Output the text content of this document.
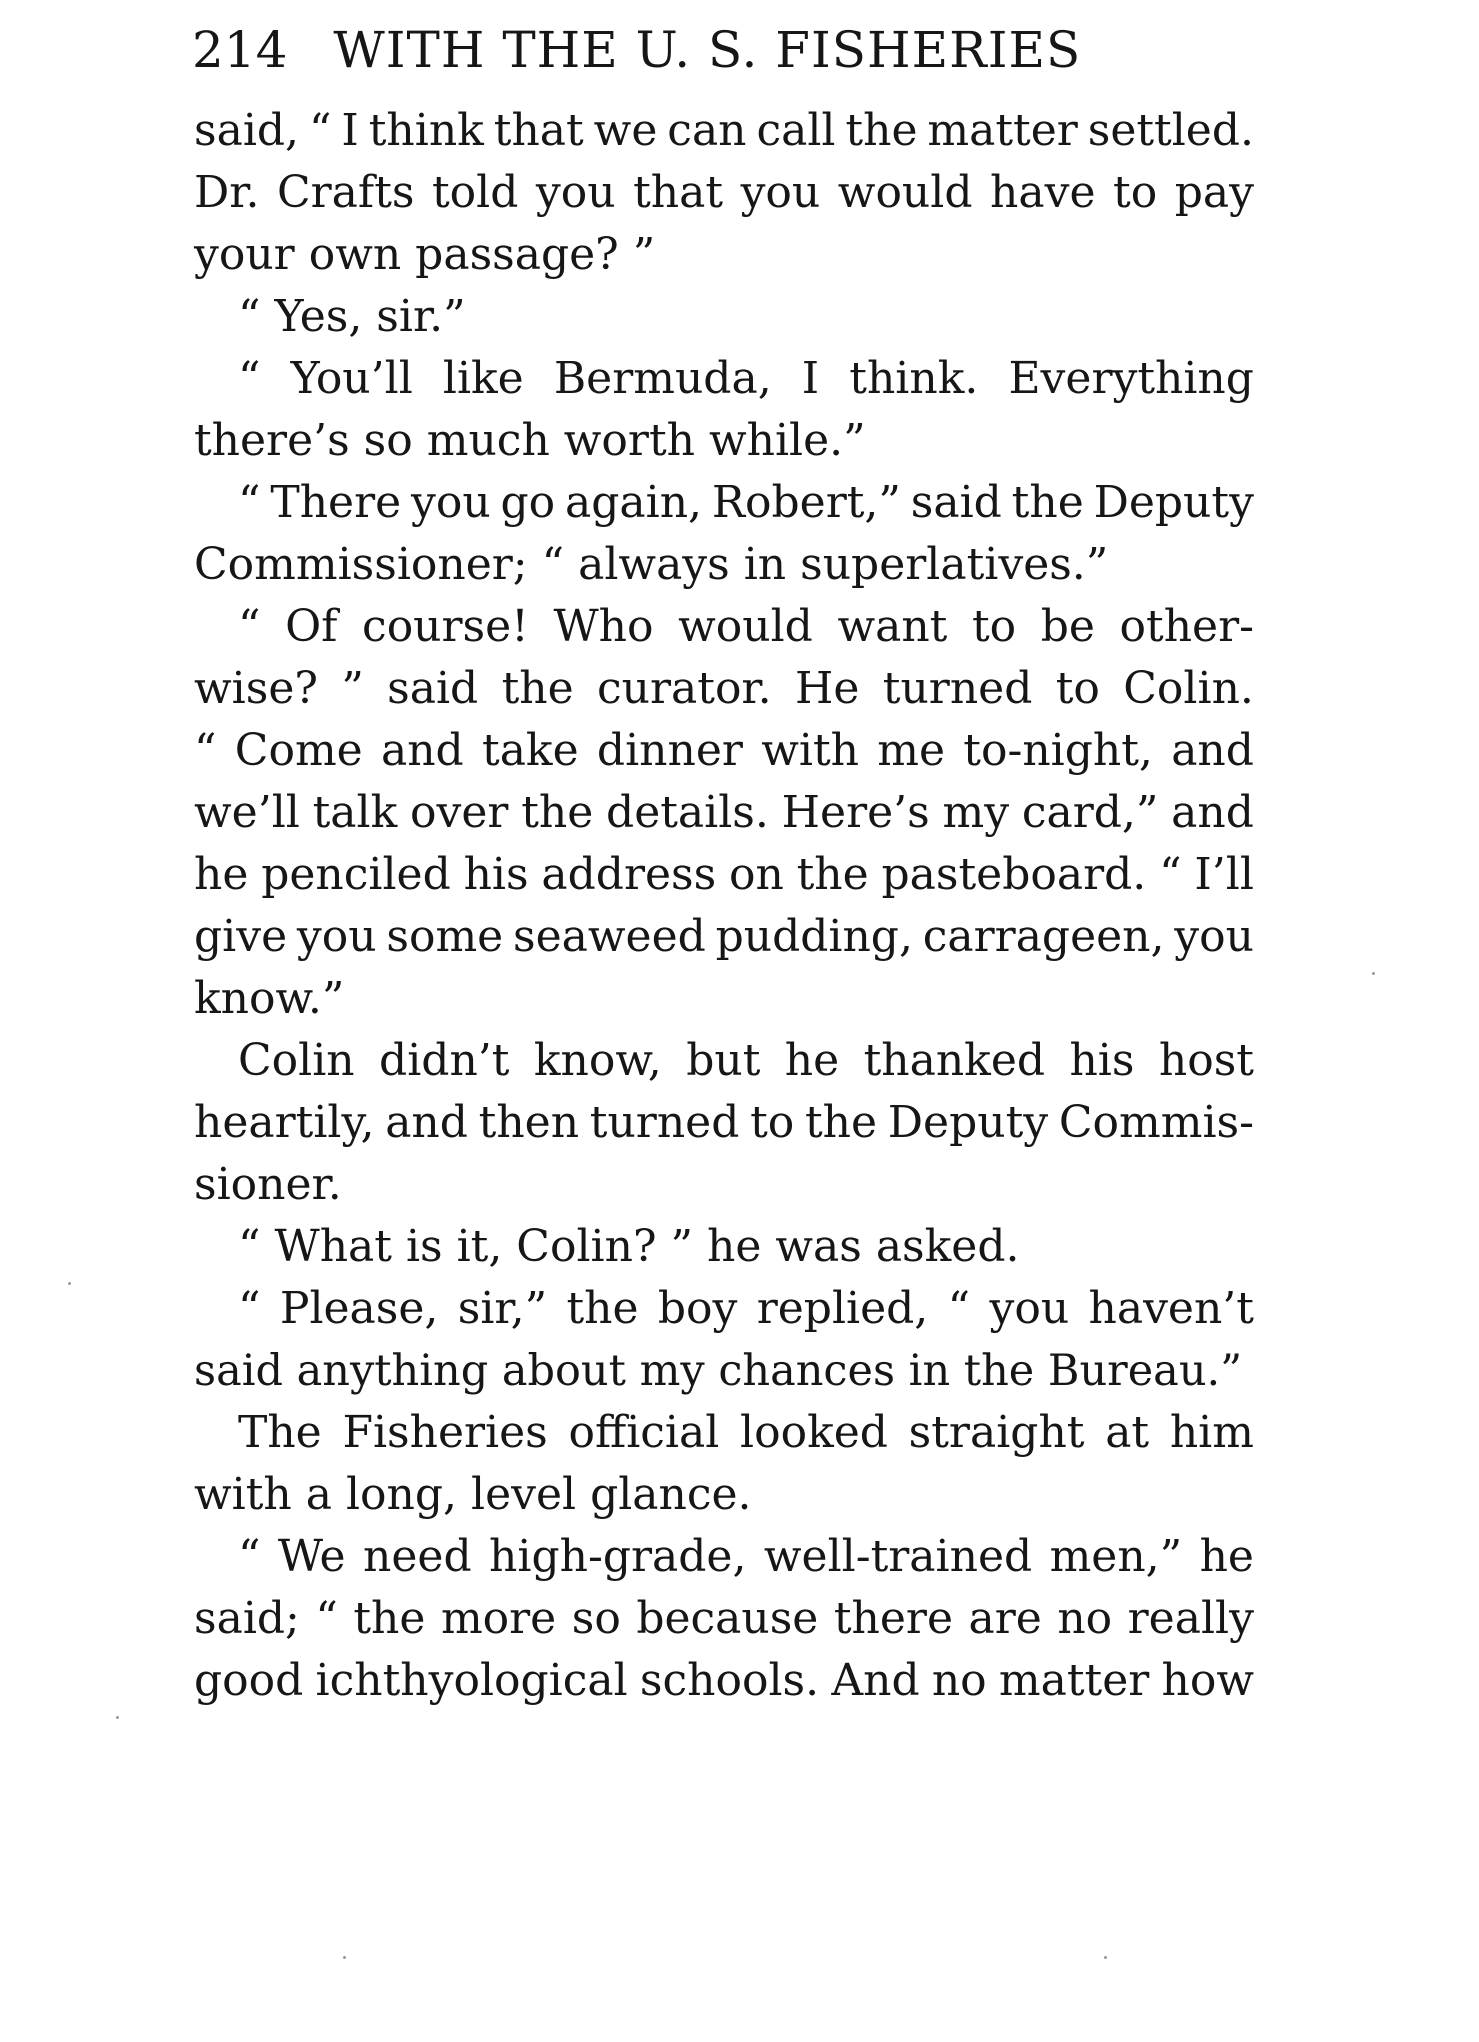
214 WITH THE U. S. FISHERIES
said, “ I think that we can call the matter settled.
Dr. Crafts told you that you would have to pay
your own passage? ”
“ Yes, sir.”
“ You’ll like Bermuda, I think. Everything
there’s so much worth while.”
“ There you go again, Robert,” said the Deputy
Commissioner; “ always in superlatives.”
“ Of course! Who would want to be other-
wise? ” said the curator. He turned to Colin.
“ Come and take dinner with me to-night, and
we’ll talk over the details. Here’s my card,” and
he penciled his address on the pasteboard. “ I’ll
give you some seaweed pudding, carrageen, you
know.”
Colin didn’t know, but he thanked his host
heartily, and then turned to the Deputy Commis-
sioner.
“ What is it, Colin? ” he was asked.
“ Please, sir,” the boy replied, “ you haven’t
said anything about my chances in the Bureau.”
The Fisheries official looked straight at him
with a long, level glance.
“ We need high-grade, well-trained men,” he
said; “ the more so because there are no really
good ichthyological schools. And no matter how
